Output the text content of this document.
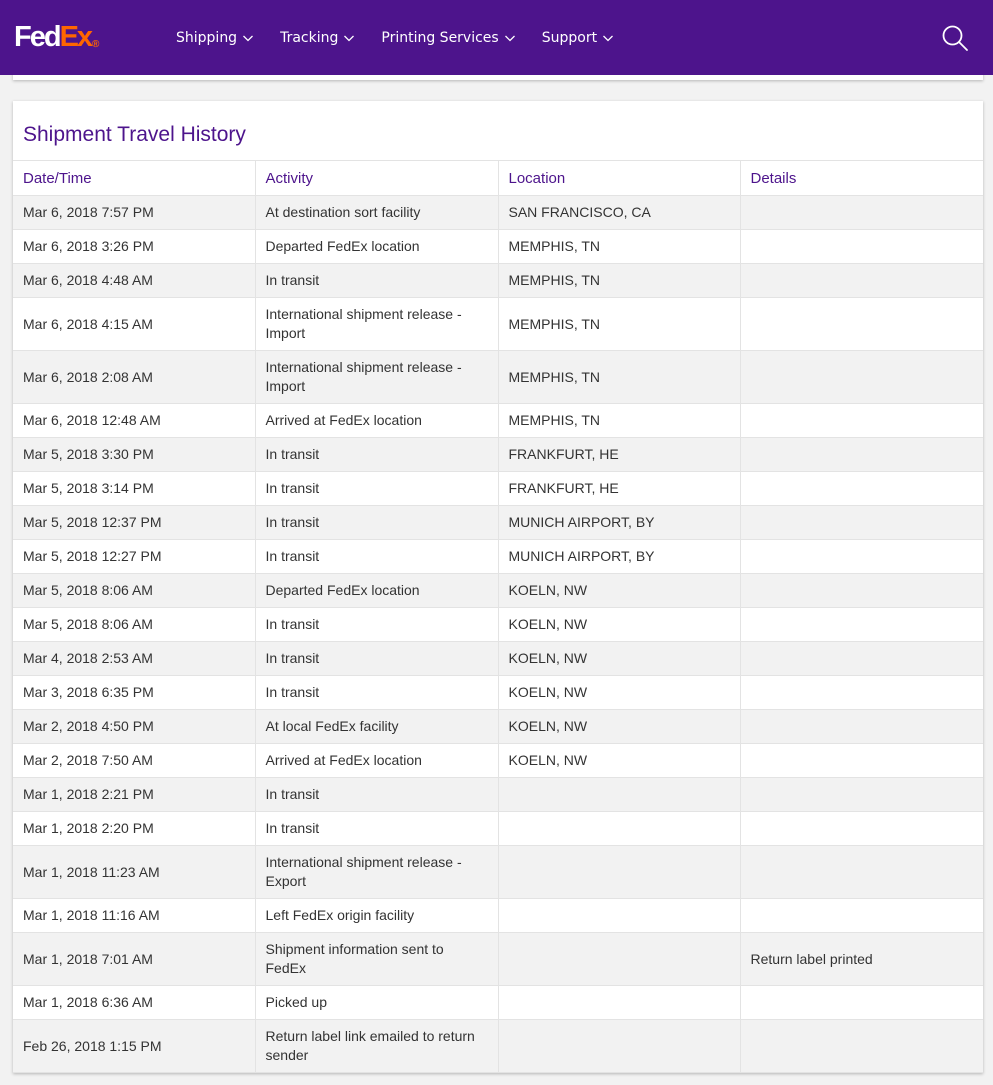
Fed Ex ®	Shipping	Tracking	Printing Services	Support
Shipment Travel History
Date/Time	Activity	Location	Details
Mar 6, 2018 7:57 PM	At destination sort facility	SAN FRANCISCO, CA	
Mar 6, 2018 3:26 PM	Departed FedEx location	MEMPHIS, TN	
Mar 6, 2018 4:48 AM	In transit	MEMPHIS, TN	
Mar 6, 2018 4:15 AM	International shipment release - Import	MEMPHIS, TN	
Mar 6, 2018 2:08 AM	International shipment release - Import	MEMPHIS, TN	
Mar 6, 2018 12:48 AM	Arrived at FedEx location	MEMPHIS, TN	
Mar 5, 2018 3:30 PM	In transit	FRANKFURT, HE	
Mar 5, 2018 3:14 PM	In transit	FRANKFURT, HE	
Mar 5, 2018 12:37 PM	In transit	MUNICH AIRPORT, BY	
Mar 5, 2018 12:27 PM	In transit	MUNICH AIRPORT, BY	
Mar 5, 2018 8:06 AM	Departed FedEx location	KOELN, NW	
Mar 5, 2018 8:06 AM	In transit	KOELN, NW	
Mar 4, 2018 2:53 AM	In transit	KOELN, NW	
Mar 3, 2018 6:35 PM	In transit	KOELN, NW	
Mar 2, 2018 4:50 PM	At local FedEx facility	KOELN, NW	
Mar 2, 2018 7:50 AM	Arrived at FedEx location	KOELN, NW	
Mar 1, 2018 2:21 PM	In transit		
Mar 1, 2018 2:20 PM	In transit		
Mar 1, 2018 11:23 AM	International shipment release - Export		
Mar 1, 2018 11:16 AM	Left FedEx origin facility		
Mar 1, 2018 7:01 AM	Shipment information sent to FedEx		Return label printed
Mar 1, 2018 6:36 AM	Picked up		
Feb 26, 2018 1:15 PM	Return label link emailed to return sender		
